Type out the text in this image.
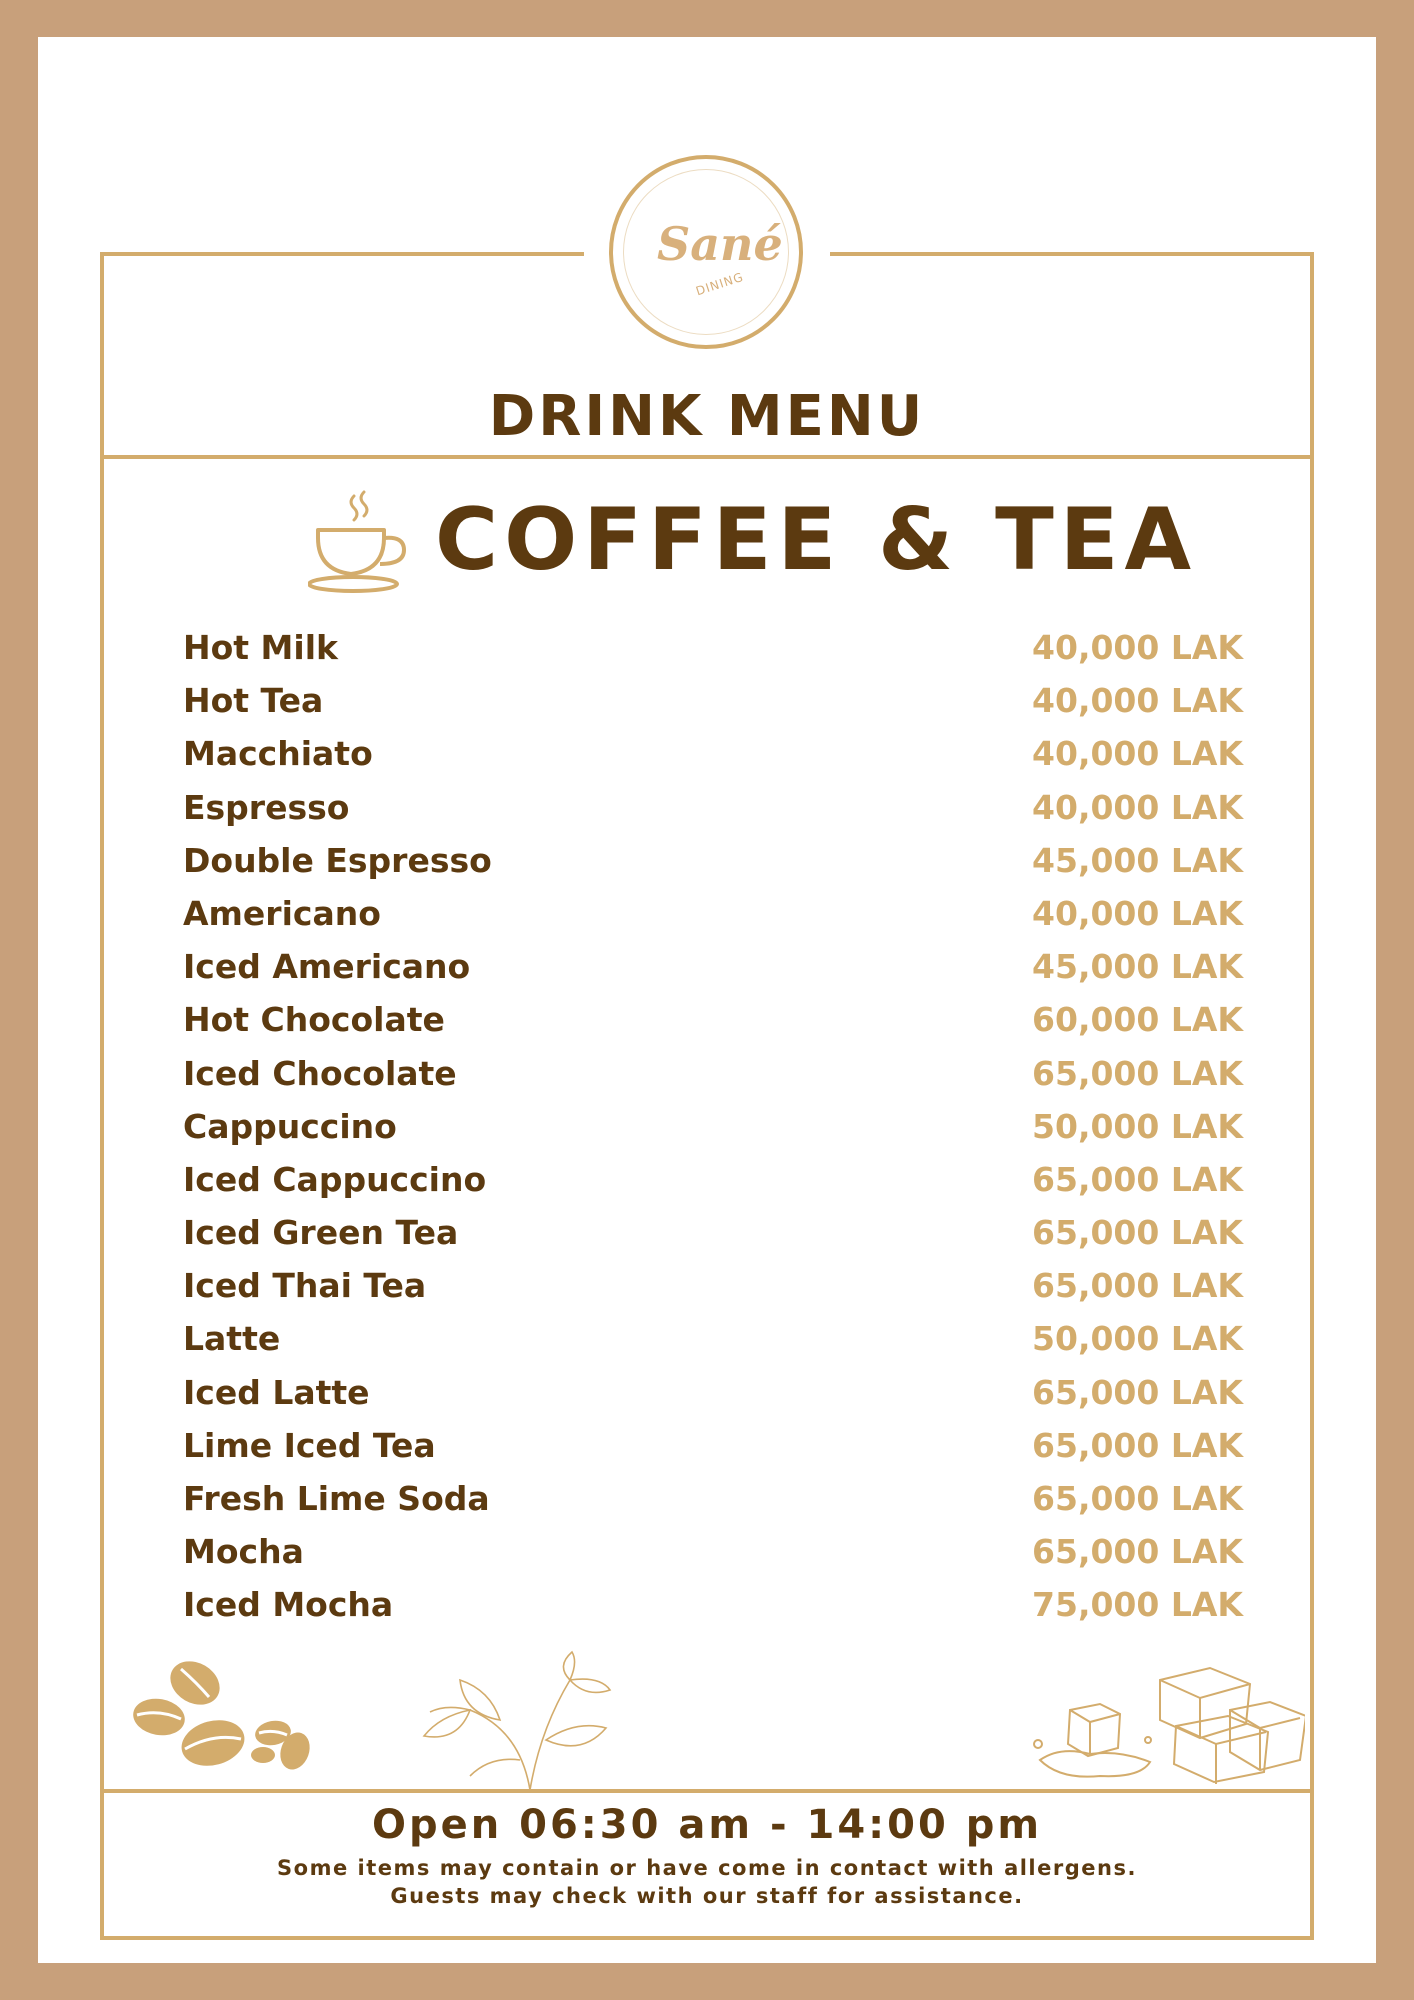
Sané
DINING
DRINK MENU
COFFEE & TEA
Hot Milk	40,000 LAK
Hot Tea	40,000 LAK
Macchiato	40,000 LAK
Espresso	40,000 LAK
Double Espresso	45,000 LAK
Americano	40,000 LAK
Iced Americano	45,000 LAK
Hot Chocolate	60,000 LAK
Iced Chocolate	65,000 LAK
Cappuccino	50,000 LAK
Iced Cappuccino	65,000 LAK
Iced Green Tea	65,000 LAK
Iced Thai Tea	65,000 LAK
Latte	50,000 LAK
Iced Latte	65,000 LAK
Lime Iced Tea	65,000 LAK
Fresh Lime Soda	65,000 LAK
Mocha	65,000 LAK
Iced Mocha	75,000 LAK
Open 06:30 am - 14:00 pm
Some items may contain or have come in contact with allergens.
Guests may check with our staff for assistance.
